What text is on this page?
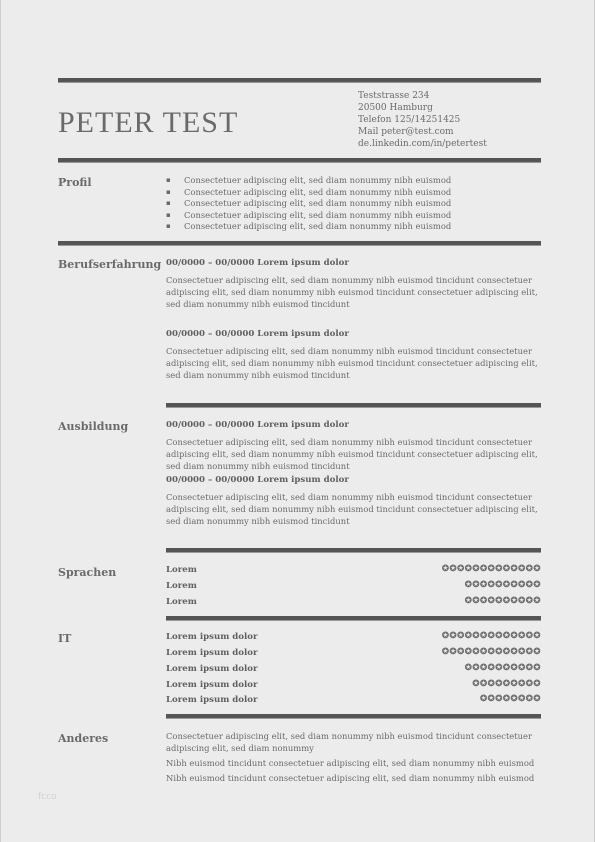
PETER TEST
Teststrasse 234
20500 Hamburg
Telefon 125/14251425
Mail peter@test.com
de.linkedin.com/in/petertest
Profil
▪	Consectetuer adipiscing elit, sed diam nonummy nibh euismod
▪ Consectetuer adipiscing elit, sed diam nonummy nibh euismod
▪ Consectetuer adipiscing elit, sed diam nonummy nibh euismod
▪ Consectetuer adipiscing elit, sed diam nonummy nibh euismod
▪ Consectetuer adipiscing elit, sed diam nonummy nibh euismod
Berufserfahrung 00/0000 – 00/0000 Lorem ipsum dolor
Consectetuer adipiscing elit, sed diam nonummy nibh euismod tincidunt consectetuer adipiscing elit, sed diam nonummy nibh euismod tincidunt consectetuer adipiscing elit, sed diam nonummy nibh euismod tincidunt
00/0000 – 00/0000 Lorem ipsum dolor
Consectetuer adipiscing elit, sed diam nonummy nibh euismod tincidunt consectetuer adipiscing elit, sed diam nonummy nibh euismod tincidunt consectetuer adipiscing elit, sed diam nonummy nibh euismod tincidunt
Ausbildung	00/0000 – 00/0000 Lorem ipsum dolor
Consectetuer adipiscing elit, sed diam nonummy nibh euismod tincidunt consectetuer adipiscing elit, sed diam nonummy nibh euismod tincidunt consectetuer adipiscing elit, sed diam nonummy nibh euismod tincidunt
00/0000 – 00/0000 Lorem ipsum dolor
Consectetuer adipiscing elit, sed diam nonummy nibh euismod tincidunt consectetuer adipiscing elit, sed diam nonummy nibh euismod tincidunt consectetuer adipiscing elit, sed diam nonummy nibh euismod tincidunt
Sprachen	Lorem	✪✪✪✪✪✪✪✪✪✪✪✪✪
Lorem	✪✪✪✪✪✪✪✪✪✪
Lorem	✪✪✪✪✪✪✪✪✪✪
IT	Lorem ipsum dolor	✪✪✪✪✪✪✪✪✪✪✪✪✪
Lorem ipsum dolor	✪✪✪✪✪✪✪✪✪✪✪✪✪
Lorem ipsum dolor	✪✪✪✪✪✪✪✪✪✪
Lorem ipsum dolor	✪✪✪✪✪✪✪✪✪
Lorem ipsum dolor	✪✪✪✪✪✪✪✪
Anderes	Consectetuer adipiscing elit, sed diam nonummy nibh euismod tincidunt consectetuer adipiscing elit, sed diam nonummy
Nibh euismod tincidunt consectetuer adipiscing elit, sed diam nonummy nibh euismod
Nibh euismod tincidunt consectetuer adipiscing elit, sed diam nonummy nibh euismod
fcco
